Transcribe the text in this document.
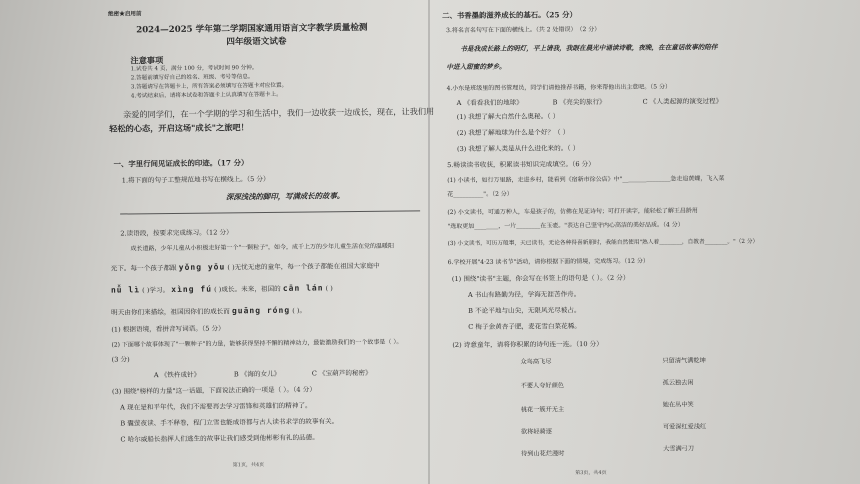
绝密★启用前
2024—2025 学年第二学期国家通用语言文字教学质量检测
四年级语文试卷
注意事项
1.试卷共 4 页，满分 100 分，考试时间 90 分钟。
2.答题前填写好自己的姓名、班级、考号等信息。
3.答题请写在答题卡上，所有答案必须填写在答题卡对应位置。
4.考试结束后，请将本试卷和答题卡上认真填写在答题卡上。
亲爱的同学们，在一个学期的学习和生活中，我们一边收获一边成长，现在，让我们用
轻松的心态，开启这场"成长"之旅吧！
一、字里行间见证成长的印迹。（17 分）
1.将下面的句子工整规范地书写在横线上。（5 分）
深深浅浅的脚印，写满成长的故事。
2.读语段，按要求完成练习。（12 分）
成长道路，少年儿童从小积极走好第一个"一颗粒子"，如今，成千上万的少年儿童生活在党的温暖阳
光下。每一个孩子都跟 yǒng yǒu ( )无忧无虑的童年，每一个孩子都能在祖国大家庭中
nǚ lì ( )学习。 xìng fú ( )成长。未来，祖国的 cān lán ( )
明天由你们来描绘，祖国因你们的成长而 guāng róng ( )。
(1) 根据语境，看拼音写词语。（5 分）
(2) 下面哪个故事体现了"一颗种子"的力量，能够获得坚持不懈的精神动力，最能激励我们的一个故事是（ ）。
(3 分)
A 《铁杵成针》	B 《海的女儿》	C 《宝葫芦的秘密》
(3) 围绕"榜样的力量"这一话题，下面说法正确的一项是（ ）。（4 分）
A 现在是和平年代，我们不需要再去学习雷锋和英雄们的精神了。
B 囊萤夜读、手不释卷，程门立雪也能成语都与古人读书求学的故事有关。
C 哈尔威船长指挥人们逃生的故事让我们感受到他彬彬有礼的品德。
第1页，共4页
二、书香墨韵滋养成长的基石。（25 分）
3.将名言名句写在下面的横线上。（共 2 处错误）　（2 分）
书是我成长路上的明灯，平上请我，我眼在晨光中诵读诗歌，夜晚，在在童话故事的陪伴
中进入甜蜜的梦乡。
4.小东是班级里的图书管理员，同学们请他推荐书籍，你来帮他出出主意吧。（5 分）
A 《看看我们的地球》	B 《亮尖的旅行》	C 《人类起源的演变过程》
(1) 我想了解大自然什么奥秘。（ ）
(2) 我想了解地球为什么是个好？（ ）
(3) 我想了解人类是从什么进化来的。（ ）
5.畅读读书收获，积累读书知识完成填空。（6 分）
(1) 小读书，如行万里路，走进乡村，能看到《宿新市徐公店》中"________________急走追黄蝶，飞入菜
花__________"。（2 分）
(2) 小文读书，可通万种人，车是孩子的，仿佛在见证诗句；可打开读字，能轻松了解王昌龄用
"选取更加________，一片________在玉壶。"表达自己坚守内心高洁的美好品质。（4 分）
(3) 小文读书，可历万般事，天已读书，无论各种得喜新朋时，我能自然使用"熟人着________，自教者________。"（2 分）
6.学校开展"4·23 读书节"活动，请你根据下面的情境，完成练习。（12 分）
(1) 围绕"读书"主题，你会写在书签上的语句是（ ）。（2 分）
A 书山有路勤为径，学海无涯苦作舟。
B 不论平地与山尖，无限风光尽被占。
C 梅子金黄杏子肥，麦花雪白菜花稀。
(2) 诗意童年，请将你积累的诗句连一连。（10 分）
众鸟高飞尽
不要人夸好颜色
桃花一簇开无主
欲将轻骑逐
待到山花烂漫时
只留清气满乾坤
孤云独去闲
她在丛中笑
可爱深红爱浅红
大雪满弓刀
第3页，共4页
